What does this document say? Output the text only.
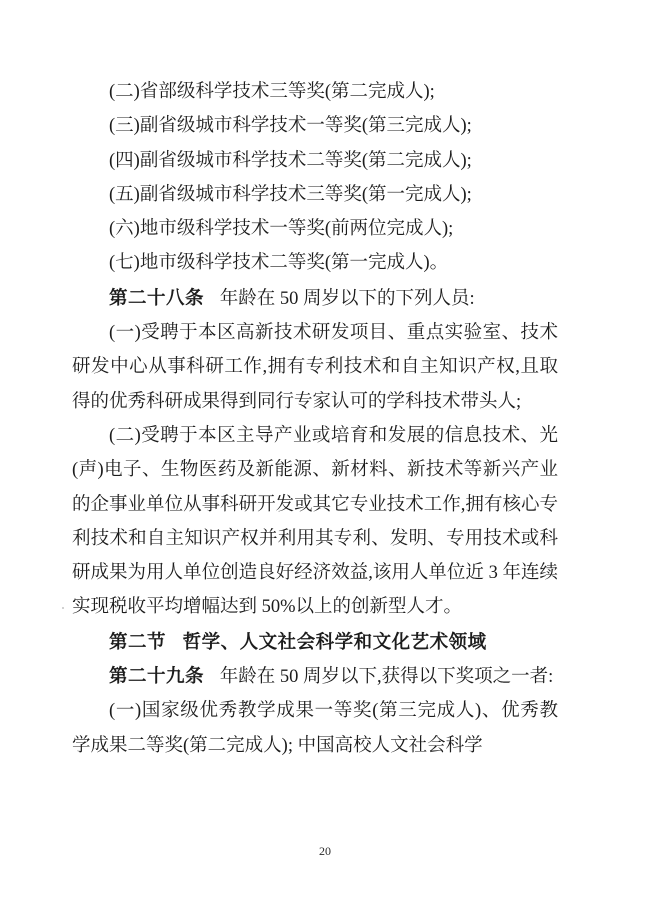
(二)省部级科学技术三等奖(第二完成人);

(三)副省级城市科学技术一等奖(第三完成人);

(四)副省级城市科学技术二等奖(第二完成人);

(五)副省级城市科学技术三等奖(第一完成人);

(六)地市级科学技术一等奖(前两位完成人);

(七)地市级科学技术二等奖(第一完成人)。

第二十八条 年龄在 50 周岁以下的下列人员:

(一)受聘于本区高新技术研发项目、重点实验室、技术研发中心从事科研工作,拥有专利技术和自主知识产权,且取得的优秀科研成果得到同行专家认可的学科技术带头人;

(二)受聘于本区主导产业或培育和发展的信息技术、光(声)电子、生物医药及新能源、新材料、新技术等新兴产业的企事业单位从事科研开发或其它专业技术工作,拥有核心专利技术和自主知识产权并利用其专利、发明、专用技术或科研成果为用人单位创造良好经济效益,该用人单位近 3 年连续实现税收平均增幅达到 50%以上的创新型人才。

第二节 哲学、人文社会科学和文化艺术领域

第二十九条 年龄在 50 周岁以下,获得以下奖项之一者:

(一)国家级优秀教学成果一等奖(第三完成人)、优秀教学成果二等奖(第二完成人); 中国高校人文社会科学

20
